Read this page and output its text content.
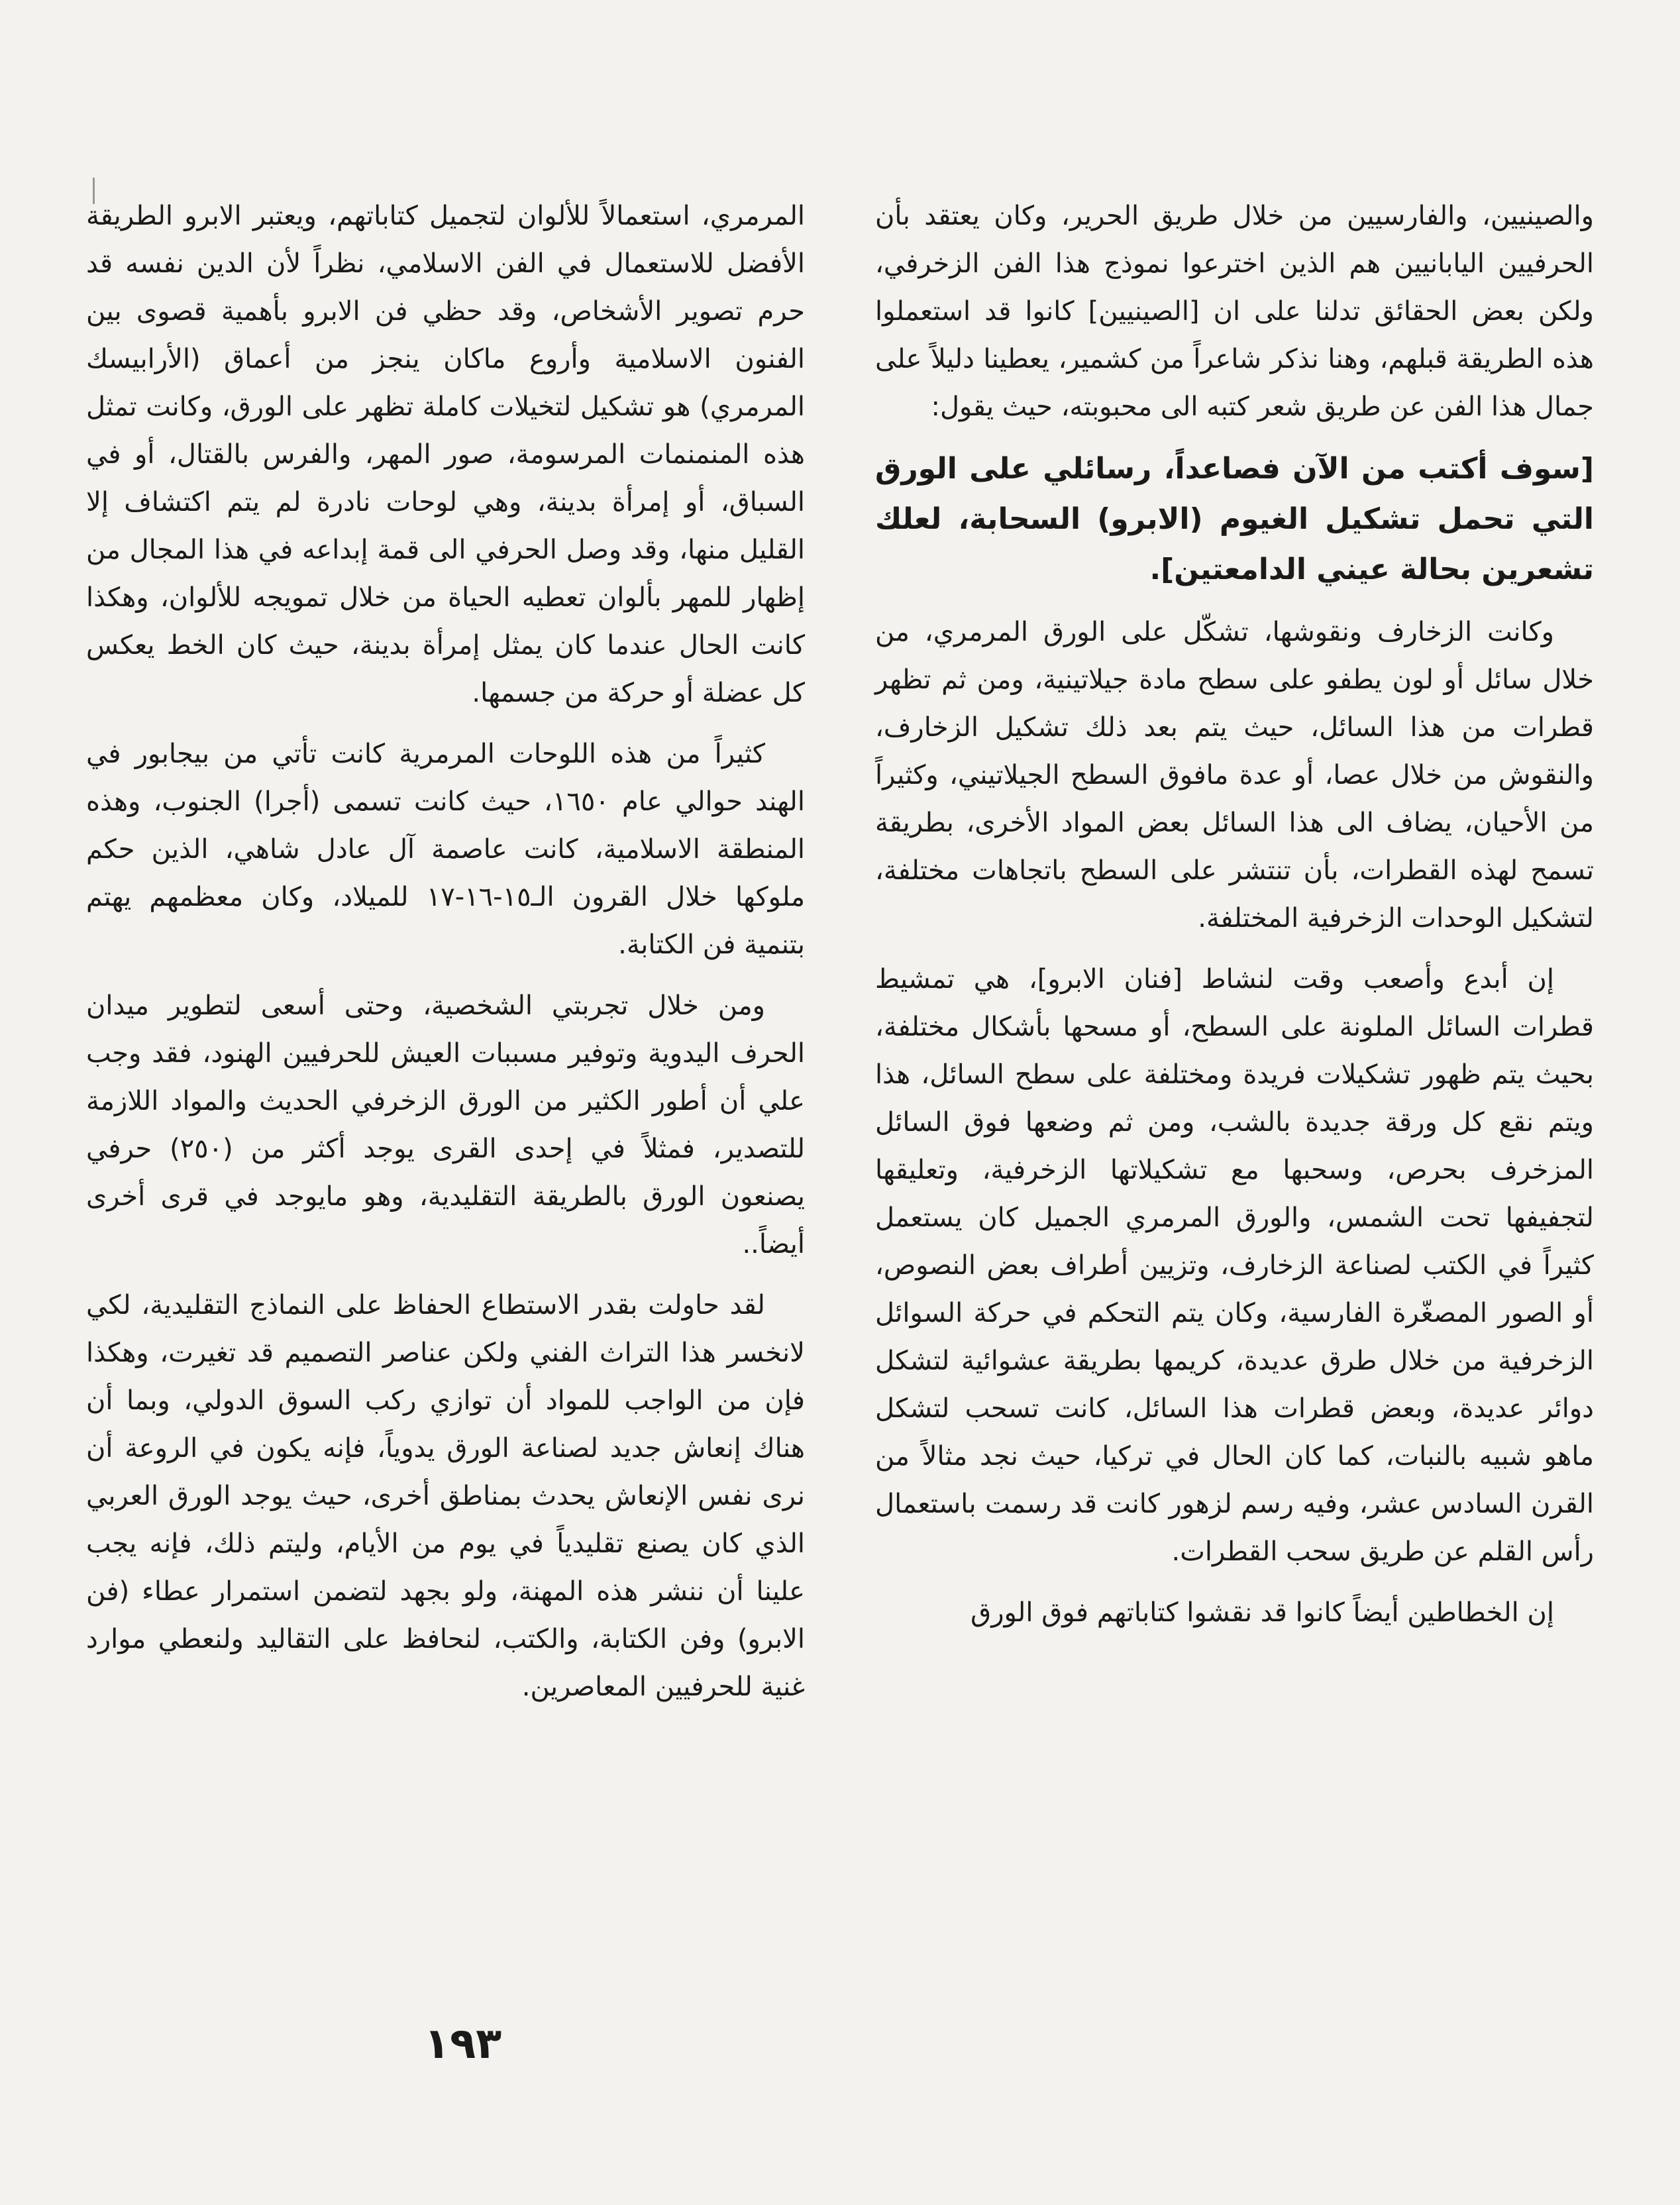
والصينيين، والفارسيين من خلال طريق الحرير، وكان يعتقد بأن الحرفيين اليابانيين هم الذين اخترعوا نموذج هذا الفن الزخرفي، ولكن بعض الحقائق تدلنا على ان [الصينيين] كانوا قد استعملوا هذه الطريقة قبلهم، وهنا نذكر شاعراً من كشمير، يعطينا دليلاً على جمال هذا الفن عن طريق شعر كتبه الى محبوبته، حيث يقول:

[سوف أكتب من الآن فصاعداً، رسائلي على الورق التي تحمل تشكيل الغيوم (الابرو) السحابة، لعلك تشعرين بحالة عيني الدامعتين].

وكانت الزخارف ونقوشها، تشكّل على الورق المرمري، من خلال سائل أو لون يطفو على سطح مادة جيلاتينية، ومن ثم تظهر قطرات من هذا السائل، حيث يتم بعد ذلك تشكيل الزخارف، والنقوش من خلال عصا، أو عدة مافوق السطح الجيلاتيني، وكثيراً من الأحيان، يضاف الى هذا السائل بعض المواد الأخرى، بطريقة تسمح لهذه القطرات، بأن تنتشر على السطح باتجاهات مختلفة، لتشكيل الوحدات الزخرفية المختلفة.

إن أبدع وأصعب وقت لنشاط [فنان الابرو]، هي تمشيط قطرات السائل الملونة على السطح، أو مسحها بأشكال مختلفة، بحيث يتم ظهور تشكيلات فريدة ومختلفة على سطح السائل، هذا ويتم نقع كل ورقة جديدة بالشب، ومن ثم وضعها فوق السائل المزخرف بحرص، وسحبها مع تشكيلاتها الزخرفية، وتعليقها لتجفيفها تحت الشمس، والورق المرمري الجميل كان يستعمل كثيراً في الكتب لصناعة الزخارف، وتزيين أطراف بعض النصوص، أو الصور المصغّرة الفارسية، وكان يتم التحكم في حركة السوائل الزخرفية من خلال طرق عديدة، كريمها بطريقة عشوائية لتشكل دوائر عديدة، وبعض قطرات هذا السائل، كانت تسحب لتشكل ماهو شبيه بالنبات، كما كان الحال في تركيا، حيث نجد مثالاً من القرن السادس عشر، وفيه رسم لزهور كانت قد رسمت باستعمال رأس القلم عن طريق سحب القطرات.

إن الخطاطين أيضاً كانوا قد نقشوا كتاباتهم فوق الورق

المرمري، استعمالاً للألوان لتجميل كتاباتهم، ويعتبر الابرو الطريقة الأفضل للاستعمال في الفن الاسلامي، نظراً لأن الدين نفسه قد حرم تصوير الأشخاص، وقد حظي فن الابرو بأهمية قصوى بين الفنون الاسلامية وأروع ماكان ينجز من أعماق (الأرابيسك المرمري) هو تشكيل لتخيلات كاملة تظهر على الورق، وكانت تمثل هذه المنمنمات المرسومة، صور المهر، والفرس بالقتال، أو في السباق، أو إمرأة بدينة، وهي لوحات نادرة لم يتم اكتشاف إلا القليل منها، وقد وصل الحرفي الى قمة إبداعه في هذا المجال من إظهار للمهر بألوان تعطيه الحياة من خلال تمويجه للألوان، وهكذا كانت الحال عندما كان يمثل إمرأة بدينة، حيث كان الخط يعكس كل عضلة أو حركة من جسمها.

كثيراً من هذه اللوحات المرمرية كانت تأتي من بيجابور في الهند حوالي عام ١٦٥٠، حيث كانت تسمى (أجرا) الجنوب، وهذه المنطقة الاسلامية، كانت عاصمة آل عادل شاهي، الذين حكم ملوكها خلال القرون الـ١٥-١٦-١٧ للميلاد، وكان معظمهم يهتم بتنمية فن الكتابة.

ومن خلال تجربتي الشخصية، وحتى أسعى لتطوير ميدان الحرف اليدوية وتوفير مسببات العيش للحرفيين الهنود، فقد وجب علي أن أطور الكثير من الورق الزخرفي الحديث والمواد اللازمة للتصدير، فمثلاً في إحدى القرى يوجد أكثر من (٢٥٠) حرفي يصنعون الورق بالطريقة التقليدية، وهو مايوجد في قرى أخرى أيضاً..

لقد حاولت بقدر الاستطاع الحفاظ على النماذج التقليدية، لكي لانخسر هذا التراث الفني ولكن عناصر التصميم قد تغيرت، وهكذا فإن من الواجب للمواد أن توازي ركب السوق الدولي، وبما أن هناك إنعاش جديد لصناعة الورق يدوياً، فإنه يكون في الروعة أن نرى نفس الإنعاش يحدث بمناطق أخرى، حيث يوجد الورق العربي الذي كان يصنع تقليدياً في يوم من الأيام، وليتم ذلك، فإنه يجب علينا أن ننشر هذه المهنة، ولو بجهد لتضمن استمرار عطاء (فن الابرو) وفن الكتابة، والكتب، لنحافظ على التقاليد ولنعطي موارد غنية للحرفيين المعاصرين.

١٩٣
